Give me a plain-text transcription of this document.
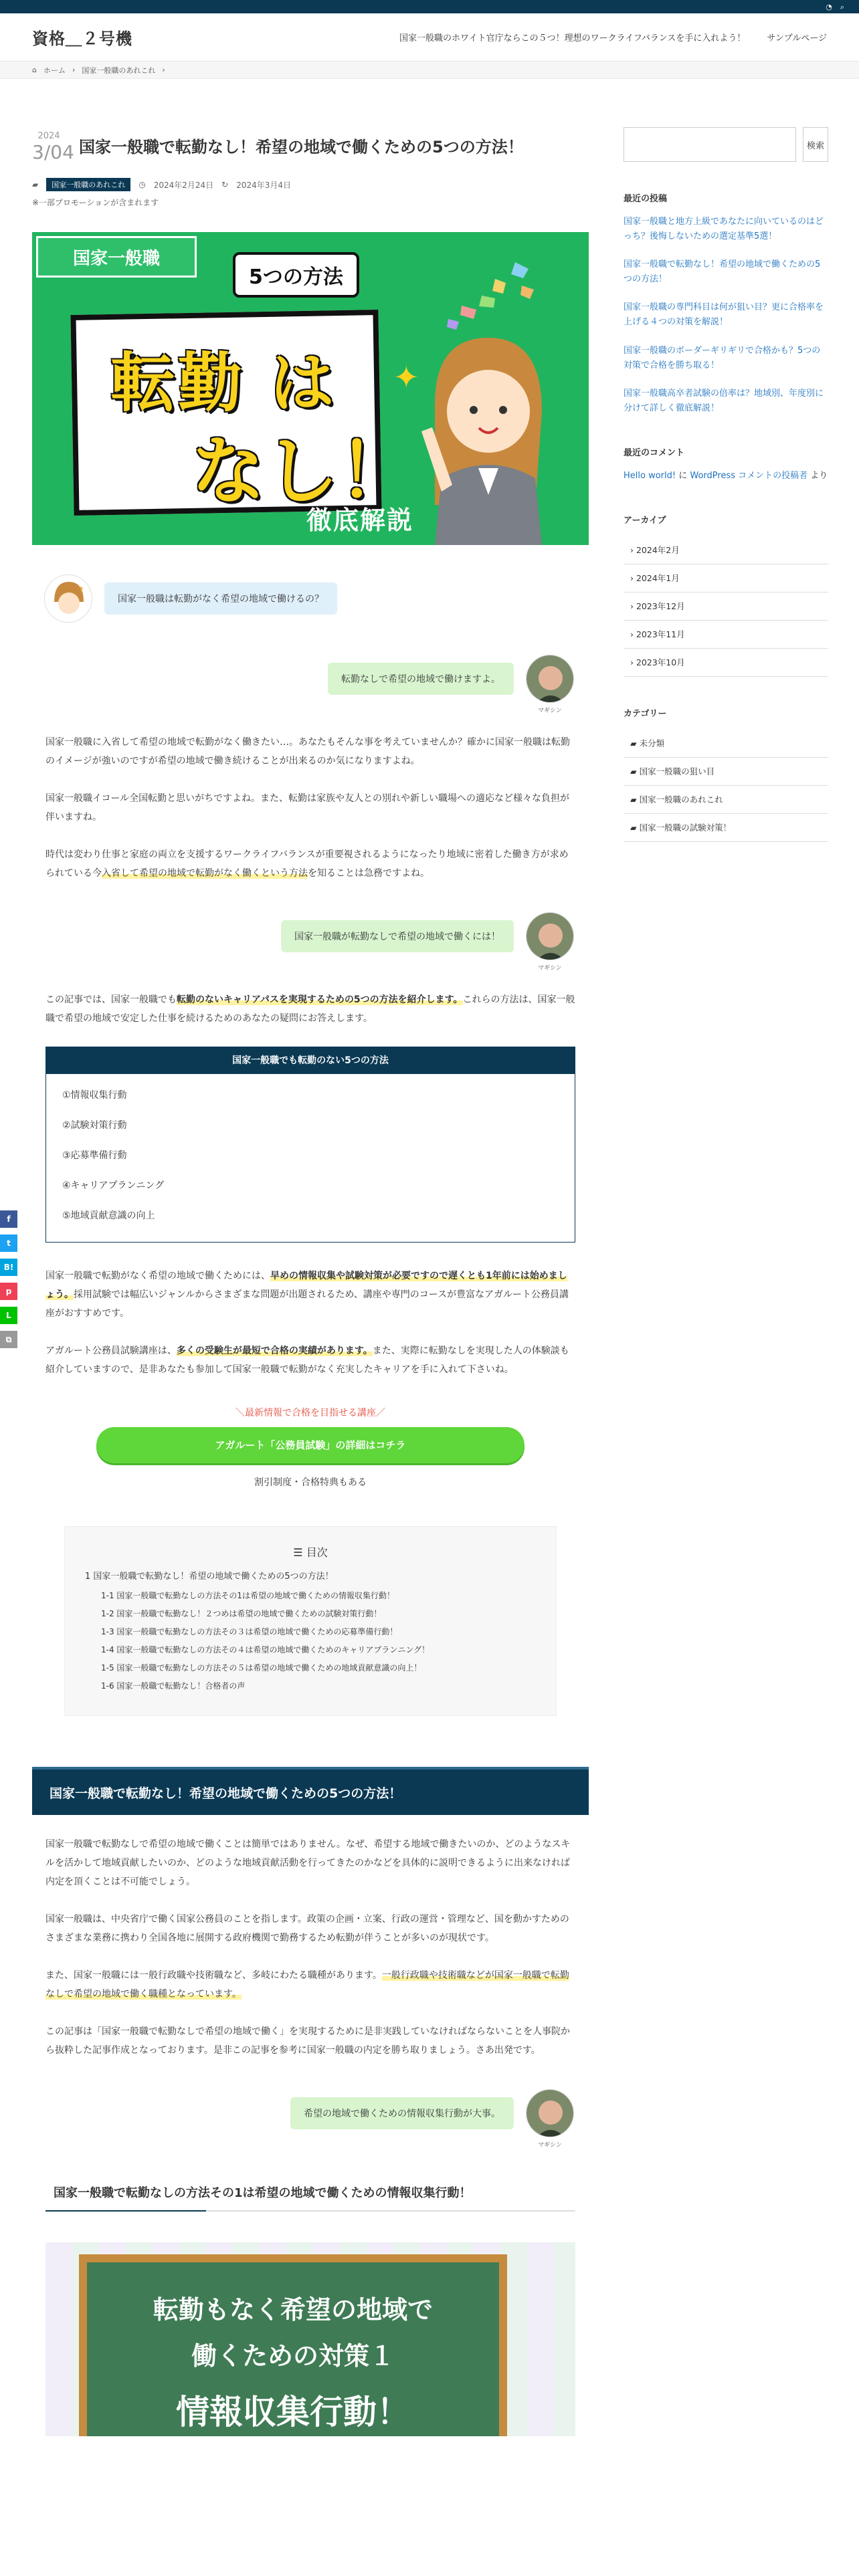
◔ ⌕
資格＿２号機	国家一般職のホワイト官庁ならこの５つ！理想のワークライフバランスを手に入れよう！ サンプルページ
⌂ ホーム › 国家一般職のあれこれ ›
f
t
B!
p
L
⧉
2024
3/04 国家一般職で転勤なし！希望の地域で働くための5つの方法！
▰	国家一般職のあれこれ	◷ 2024年2月24日 ↻ 2024年3月4日
※一部プロモーションが含まれます
国家一般職
5つの方法
転勤 は
なし！
✦
徹底解説
?
国家一般職は転勤がなく希望の地域で働けるの？
転勤なしで希望の地域で働けますよ。
マギシン

国家一般職に入省して希望の地域で転勤がなく働きたい…。あなたもそんな事を考えていませんか？確かに国家一般職は転勤のイメージが強いのですが希望の地域で働き続けることが出来るのか気になりますよね。

国家一般職イコール全国転勤と思いがちですよね。また、転勤は家族や友人との別れや新しい職場への適応など様々な負担が伴いますね。

時代は変わり仕事と家庭の両立を支援するワークライフバランスが重要視されるようになったり地域に密着した働き方が求められている今入省して希望の地域で転勤がなく働くという方法を知ることは急務ですよね。

国家一般職が転勤なしで希望の地域で働くには！
マギシン

この記事では、国家一般職でも転勤のないキャリアパスを実現するための5つの方法を紹介します。これらの方法は、国家一般職で希望の地域で安定した仕事を続けるためのあなたの疑問にお答えします。

国家一般職でも転勤のない5つの方法
①情報収集行動
②試験対策行動
③応募準備行動
④キャリアプランニング
⑤地域貢献意識の向上

国家一般職で転勤がなく希望の地域で働くためには、早めの情報収集や試験対策が必要ですので遅くとも1年前には始めましょう。採用試験では幅広いジャンルからさまざまな問題が出題されるため、講座や専門のコースが豊富なアガルート公務員講座がおすすめです。

アガルート公務員試験講座は、多くの受験生が最短で合格の実績があります。また、実際に転勤なしを実現した人の体験談も紹介していますので、是非あなたも参加して国家一般職で転勤がなく充実したキャリアを手に入れて下さいね。

＼最新情報で合格を目指せる講座／
アガルート「公務員試験」の詳細はコチラ
割引制度・合格特典もある
☰ 目次
1 国家一般職で転勤なし！希望の地域で働くための5つの方法！
1-1 国家一般職で転勤なしの方法その1は希望の地域で働くための情報収集行動！
1-2 国家一般職で転勤なし！２つめは希望の地域で働くための試験対策行動！
1-3 国家一般職で転勤なしの方法その３は希望の地域で働くための応募準備行動！
1-4 国家一般職で転勤なしの方法その４は希望の地域で働くためのキャリアプランニング！
1-5 国家一般職で転勤なしの方法その５は希望の地域で働くための地域貢献意識の向上！
1-6 国家一般職で転勤なし！合格者の声
国家一般職で転勤なし！希望の地域で働くための5つの方法！

国家一般職で転勤なしで希望の地域で働くことは簡単ではありません。なぜ、希望する地域で働きたいのか、どのようなスキルを活かして地域貢献したいのか、どのような地域貢献活動を行ってきたのかなどを具体的に説明できるように出来なければ内定を頂くことは不可能でしょう。

国家一般職は、中央省庁で働く国家公務員のことを指します。政策の企画・立案、行政の運営・管理など、国を動かすためのさまざまな業務に携わり全国各地に展開する政府機関で勤務するため転勤が伴うことが多いのが現状です。

また、国家一般職には一般行政職や技術職など、多岐にわたる職種があります。一般行政職や技術職などが国家一般職で転勤なしで希望の地域で働く職種となっています。

この記事は「国家一般職で転勤なしで希望の地域で働く」を実現するために是非実践していなければならないことを人事院から抜粋した記事作成となっております。是非この記事を参考に国家一般職の内定を勝ち取りましょう。さあ出発です。

希望の地域で働くための情報収集行動が大事。
マギシン
国家一般職で転勤なしの方法その1は希望の地域で働くための情報収集行動！
転勤もなく希望の地域で
働くための対策１
情報収集行動！
検索
最近の投稿
国家一般職と地方上級であなたに向いているのはどっち？後悔しないための選定基準5選！
国家一般職で転勤なし！希望の地域で働くための5つの方法！
国家一般職の専門科目は何が狙い目？更に合格率を上げる４つの対策を解説！
国家一般職のボーダーギリギリで合格かも？5つの対策で合格を勝ち取る！
国家一般職高卒者試験の倍率は？地域別、年度別に分けて詳しく徹底解説！
最近のコメント
Hello world! に WordPress コメントの投稿者 より
アーカイブ
› 2024年2月
› 2024年1月
› 2023年12月
› 2023年11月
› 2023年10月
カテゴリー
▰ 未分類
▰ 国家一般職の狙い目
▰ 国家一般職のあれこれ
▰ 国家一般職の試験対策！
